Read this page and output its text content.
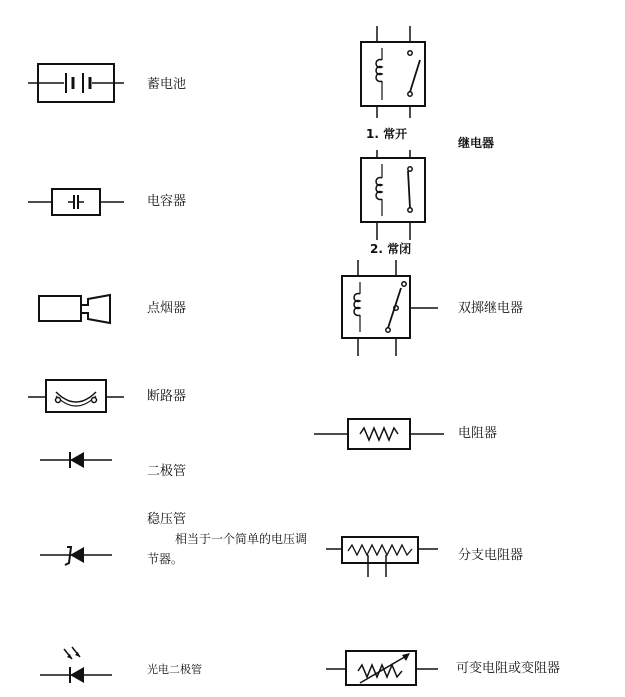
蓄电池
电容器
点烟器
断路器
二极管
稳压管
相当于一个简单的电压调节器。
光电二极管
1. 常开
继电器
2. 常闭
双掷继电器
电阻器
分支电阻器
可变电阻或变阻器
